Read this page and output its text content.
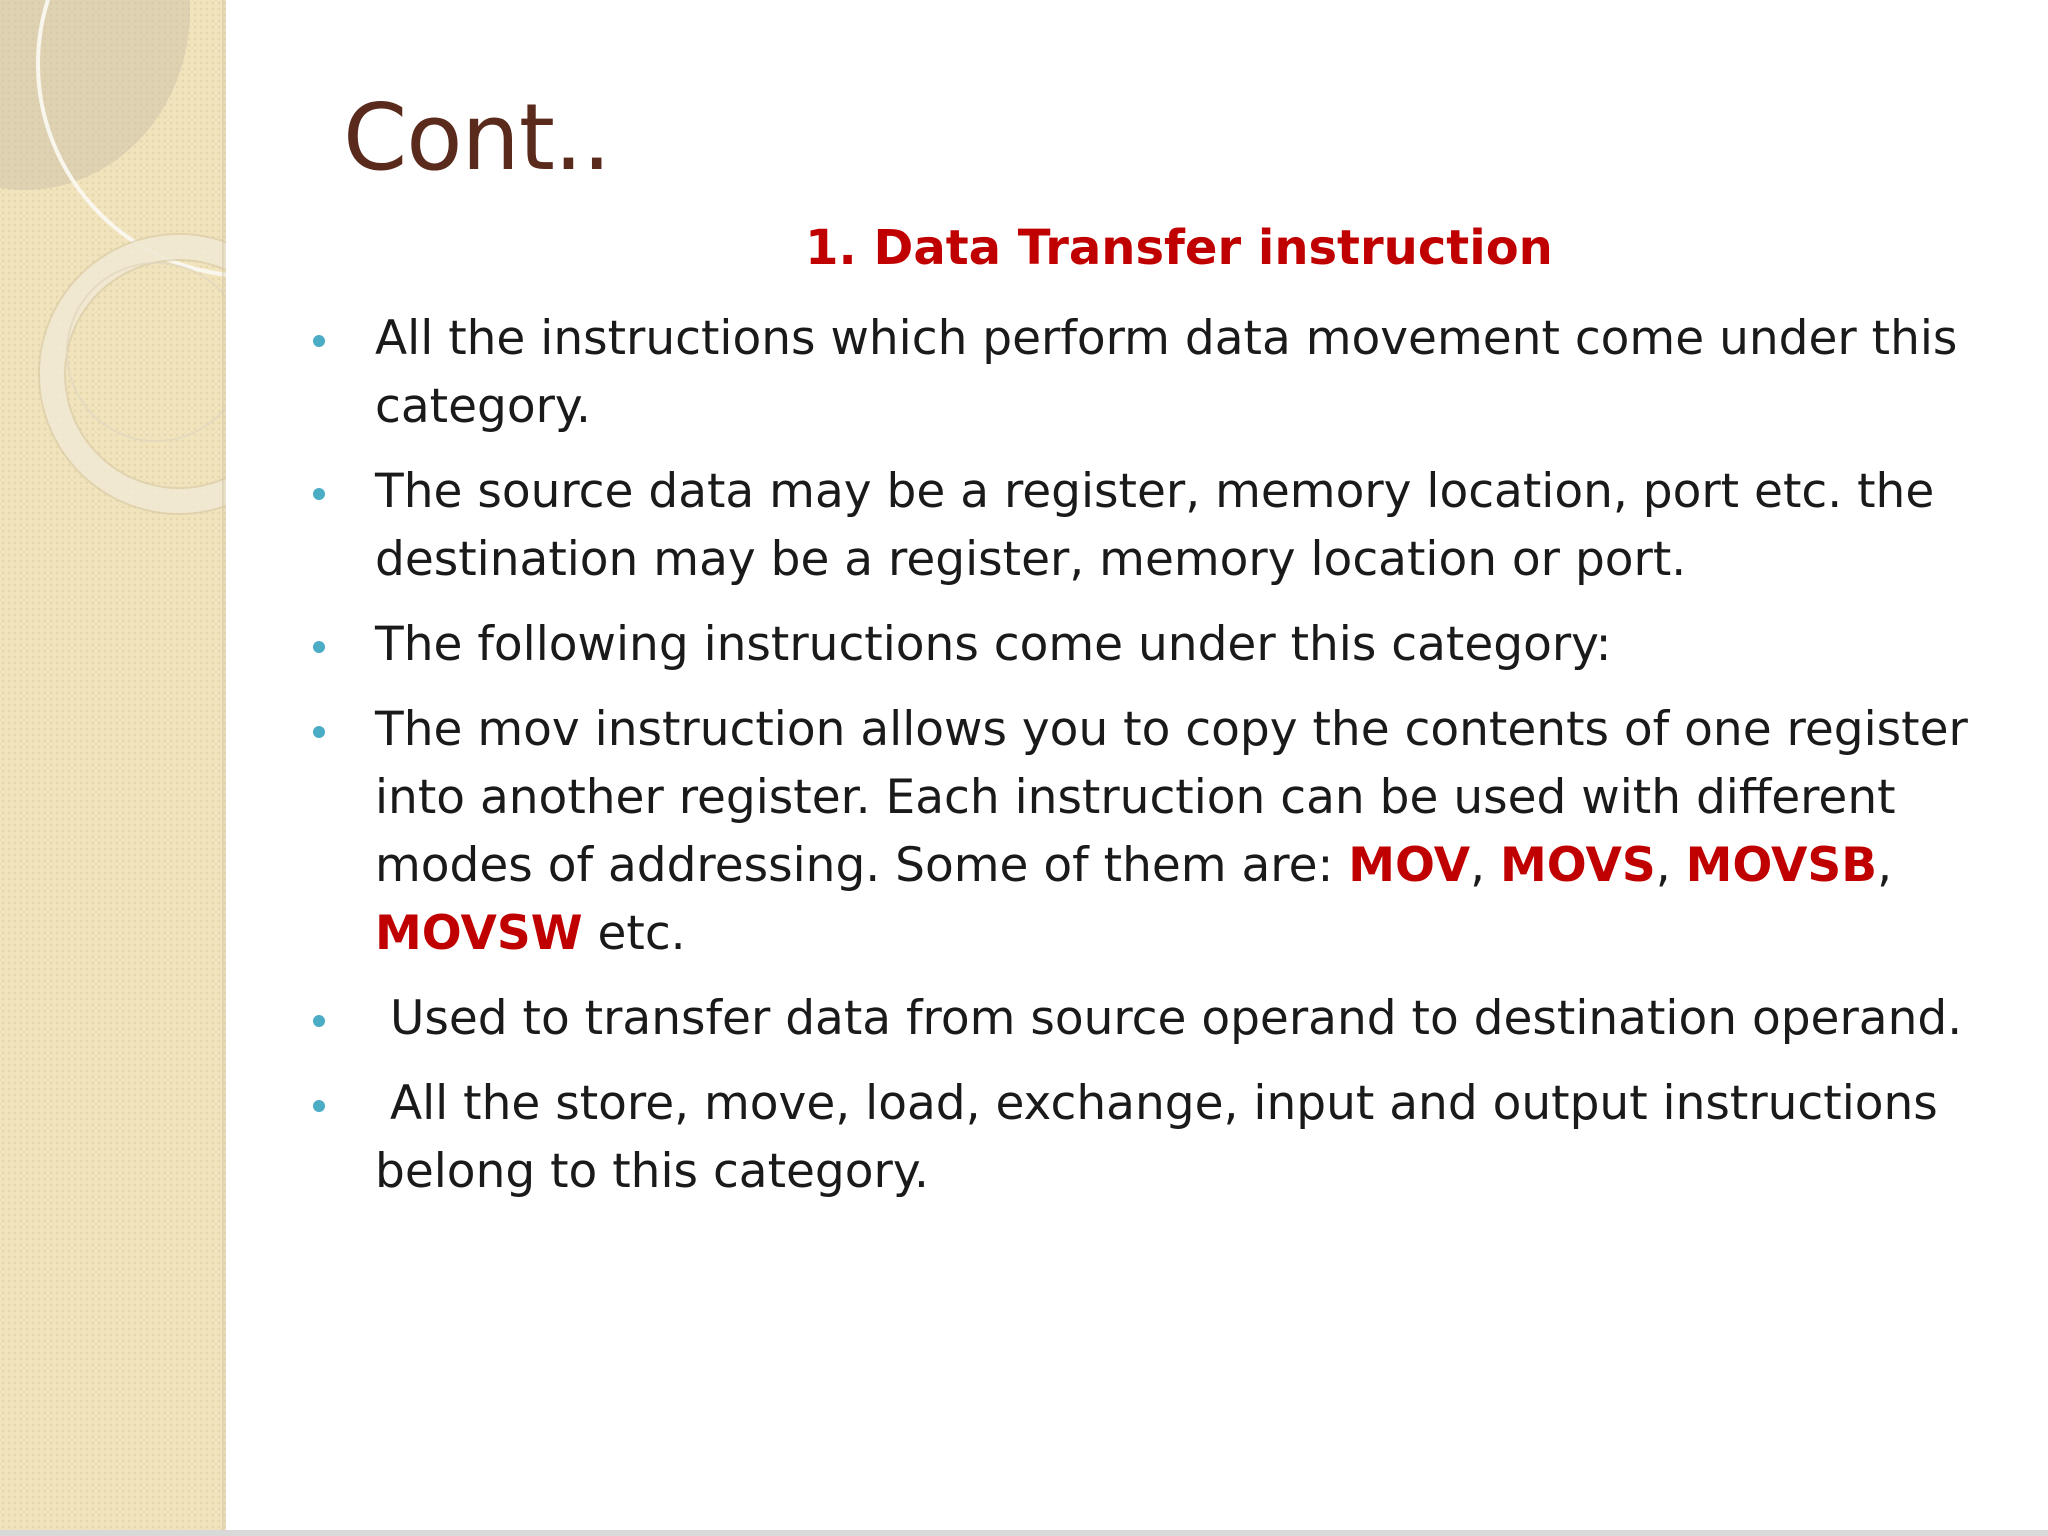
Cont..
1. Data Transfer instruction
All the instructions which perform data movement come under this category.
The source data may be a register, memory location, port etc. the destination may be a register, memory location or port.
The following instructions come under this category:
The mov instruction allows you to copy the contents of one register into another register. Each instruction can be used with different modes of addressing. Some of them are: MOV, MOVS, MOVSB, MOVSW etc.
Used to transfer data from source operand to destination operand.
All the store, move, load, exchange, input and output instructions belong to this category.
